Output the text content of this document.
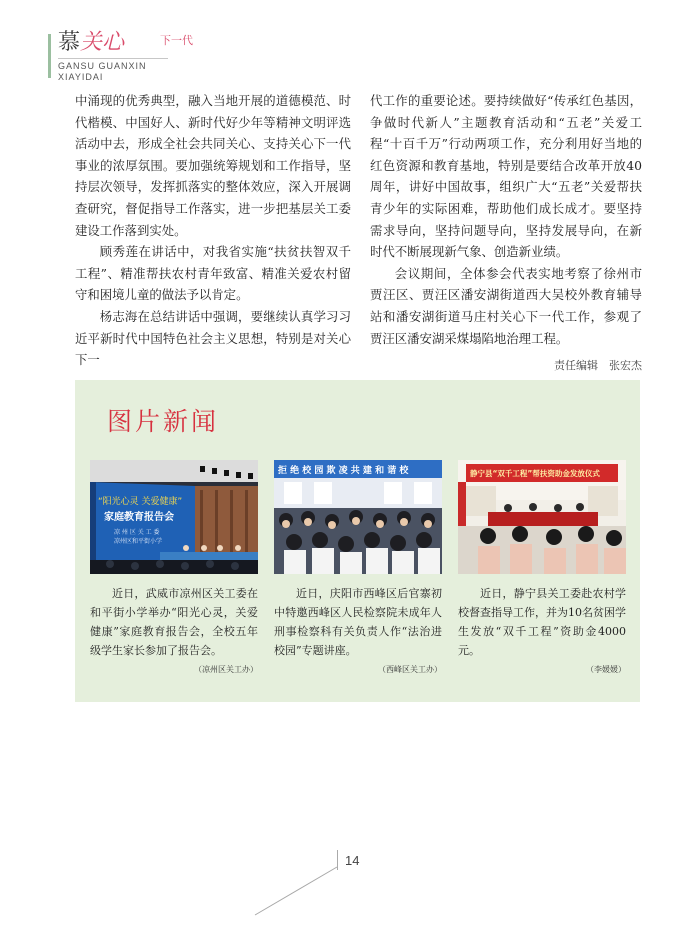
慕关心	下一代
GANSU GUANXIN
XIAYIDAI

中涌现的优秀典型，融入当地开展的道德模范、时代楷模、中国好人、新时代好少年等精神文明评选活动中去，形成全社会共同关心、支持关心下一代事业的浓厚氛围。要加强统筹规划和工作指导，坚持层次领导，发挥抓落实的整体效应，深入开展调查研究，督促指导工作落实，进一步把基层关工委建设工作落到实处。

顾秀莲在讲话中，对我省实施“扶贫扶智双千工程”、精准帮扶农村青年致富、精准关爱农村留守和困境儿童的做法予以肯定。

杨志海在总结讲话中强调，要继续认真学习习近平新时代中国特色社会主义思想，特别是对关心下一

代工作的重要论述。要持续做好“传承红色基因，争做时代新人”主题教育活动和“五老”关爱工程“十百千万”行动两项工作，充分利用好当地的红色资源和教育基地，特别是要结合改革开放40周年，讲好中国故事，组织广大“五老”关爱帮扶青少年的实际困难，帮助他们成长成才。要坚持需求导向，坚持问题导向，坚持发展导向，在新时代不断展现新气象、创造新业绩。

会议期间，全体参会代表实地考察了徐州市贾汪区、贾汪区潘安湖街道西大吴校外教育辅导站和潘安湖街道马庄村关心下一代工作，参观了贾汪区潘安湖采煤塌陷地治理工程。

责任编辑　张宏杰
图片新闻
“阳光心灵 关爱健康”
家庭教育报告会
凉 州 区 关 工 委
凉州区和平街小学

近日，武威市凉州区关工委在和平街小学举办“阳光心灵，关爱健康”家庭教育报告会，全校五年级学生家长参加了报告会。

（凉州区关工办）
拒 绝 校 园 欺 凌 共 建 和 谐 校

近日，庆阳市西峰区后官寨初中特邀西峰区人民检察院未成年人刑事检察科有关负责人作“法治进校园”专题讲座。

（西峰区关工办）
静宁县“双千工程”帮扶资助金发放仪式

近日，静宁县关工委赴农村学校督查指导工作，并为10名贫困学生发放“双千工程”资助金4000元。

（李媛媛）
14
